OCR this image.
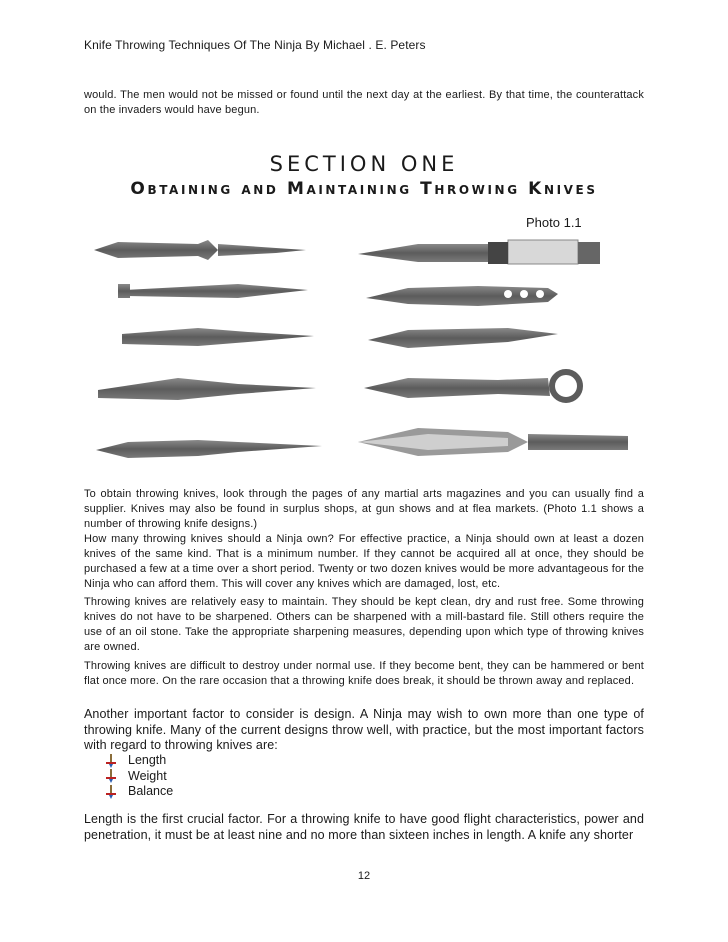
Knife Throwing Techniques Of The Ninja By Michael . E. Peters

would. The men would not be missed or found until the next day at the earliest. By that time, the counterattack on the invaders would have begun.

SECTION ONE
Obtaining and Maintaining Throwing Knives
Photo 1.1

To obtain throwing knives, look through the pages of any martial arts magazines and you can usually find a supplier. Knives may also be found in surplus shops, at gun shows and at flea markets. (Photo 1.1 shows a number of throwing knife designs.)

How many throwing knives should a Ninja own? For effective practice, a Ninja should own at least a dozen knives of the same kind. That is a minimum number. If they cannot be acquired all at once, they should be purchased a few at a time over a short period. Twenty or two dozen knives would be more advantageous for the Ninja who can afford them. This will cover any knives which are damaged, lost, etc.

Throwing knives are relatively easy to maintain. They should be kept clean, dry and rust free. Some throwing knives do not have to be sharpened. Others can be sharpened with a mill-bastard file. Still others require the use of an oil stone. Take the appropriate sharpening measures, depending upon which type of throwing knives are owned.

Throwing knives are difficult to destroy under normal use. If they become bent, they can be hammered or bent flat once more. On the rare occasion that a throwing knife does break, it should be thrown away and replaced.

Another important factor to consider is design. A Ninja may wish to own more than one type of throwing knife. Many of the current designs throw well, with practice, but the most important factors with regard to throwing knives are:

Length
Weight
Balance

Length is the first crucial factor. For a throwing knife to have good flight characteristics, power and penetration, it must be at least nine and no more than sixteen inches in length. A knife any shorter

12
